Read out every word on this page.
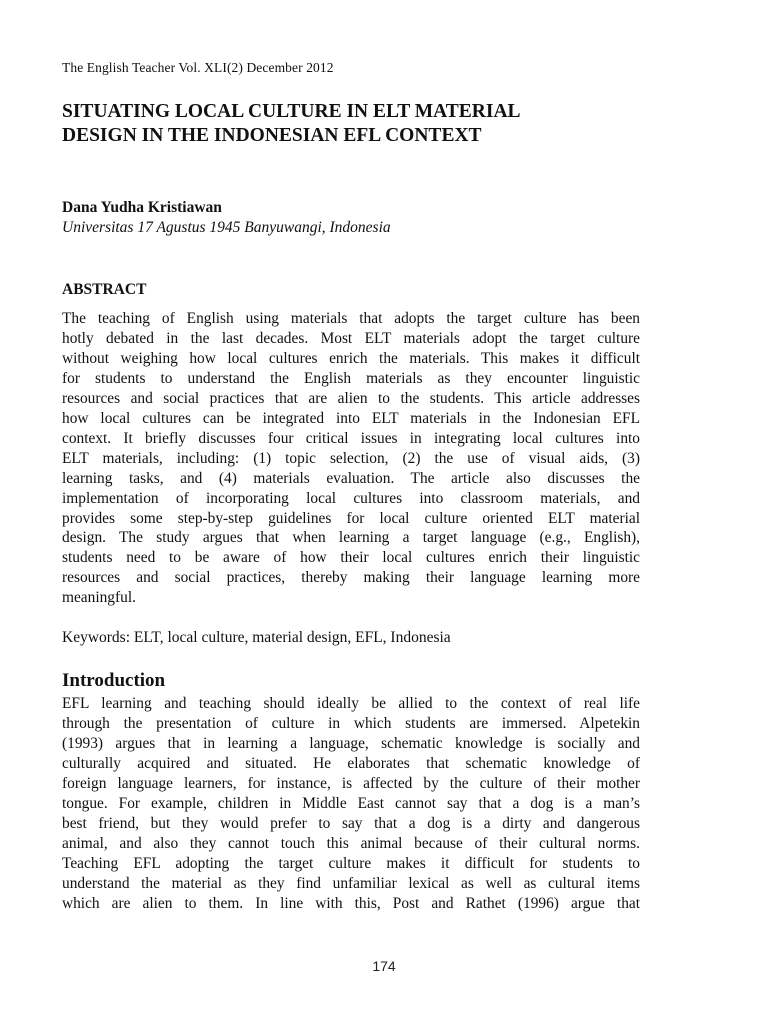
The English Teacher Vol. XLI(2) December 2012
SITUATING LOCAL CULTURE IN ELT MATERIAL
DESIGN IN THE INDONESIAN EFL CONTEXT
Dana Yudha Kristiawan
Universitas 17 Agustus 1945 Banyuwangi, Indonesia
ABSTRACT
The teaching of English using materials that adopts the target culture has been
hotly debated in the last decades. Most ELT materials adopt the target culture
without weighing how local cultures enrich the materials. This makes it difficult
for students to understand the English materials as they encounter linguistic
resources and social practices that are alien to the students. This article addresses
how local cultures can be integrated into ELT materials in the Indonesian EFL
context. It briefly discusses four critical issues in integrating local cultures into
ELT materials, including: (1) topic selection, (2) the use of visual aids, (3)
learning tasks, and (4) materials evaluation. The article also discusses the
implementation of incorporating local cultures into classroom materials, and
provides some step-by-step guidelines for local culture oriented ELT material
design. The study argues that when learning a target language (e.g., English),
students need to be aware of how their local cultures enrich their linguistic
resources and social practices, thereby making their language learning more
meaningful.
Keywords: ELT, local culture, material design, EFL, Indonesia
Introduction
EFL learning and teaching should ideally be allied to the context of real life
through the presentation of culture in which students are immersed. Alpetekin
(1993) argues that in learning a language, schematic knowledge is socially and
culturally acquired and situated. He elaborates that schematic knowledge of
foreign language learners, for instance, is affected by the culture of their mother
tongue. For example, children in Middle East cannot say that a dog is a man’s
best friend, but they would prefer to say that a dog is a dirty and dangerous
animal, and also they cannot touch this animal because of their cultural norms.
Teaching EFL adopting the target culture makes it difficult for students to
understand the material as they find unfamiliar lexical as well as cultural items
which are alien to them. In line with this, Post and Rathet (1996) argue that
174
